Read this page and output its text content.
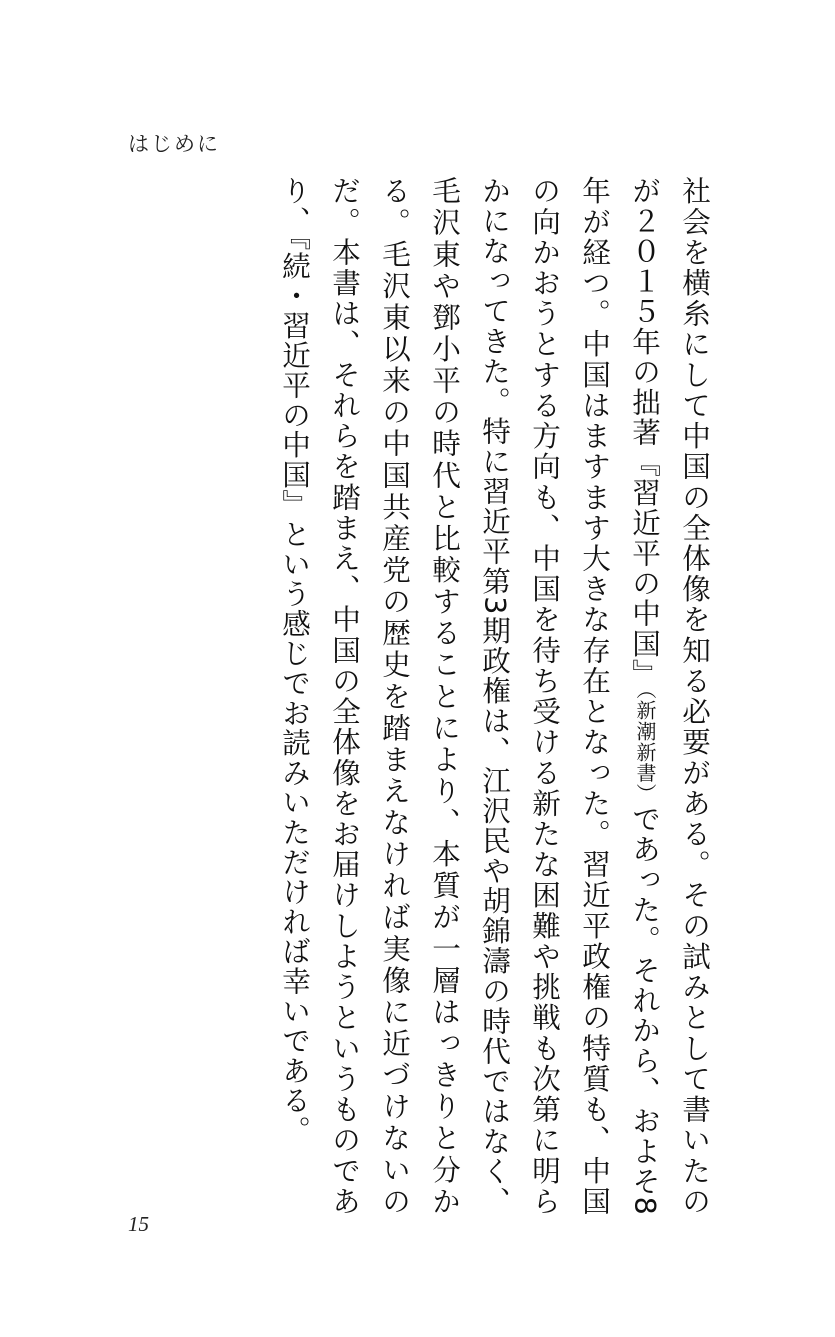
はじめに

社会を横糸にして中国の全体像を知る必要がある。その試みとして書いたのが２０１５年の拙著『習近平の中国』（新潮新書）であった。それから、およそ8年が経つ。中国はますます大きな存在となった。習近平政権の特質も、中国の向かおうとする方向も、中国を待ち受ける新たな困難や挑戦も次第に明らかになってきた。特に習近平第3期政権は、江沢民や胡錦濤の時代ではなく、毛沢東や鄧小平の時代と比較することにより、本質が一層はっきりと分かる。毛沢東以来の中国共産党の歴史を踏まえなければ実像に近づけないのだ。本書は、それらを踏まえ、中国の全体像をお届けしようというものであり、『続・習近平の中国』という感じでお読みいただければ幸いである。

15
